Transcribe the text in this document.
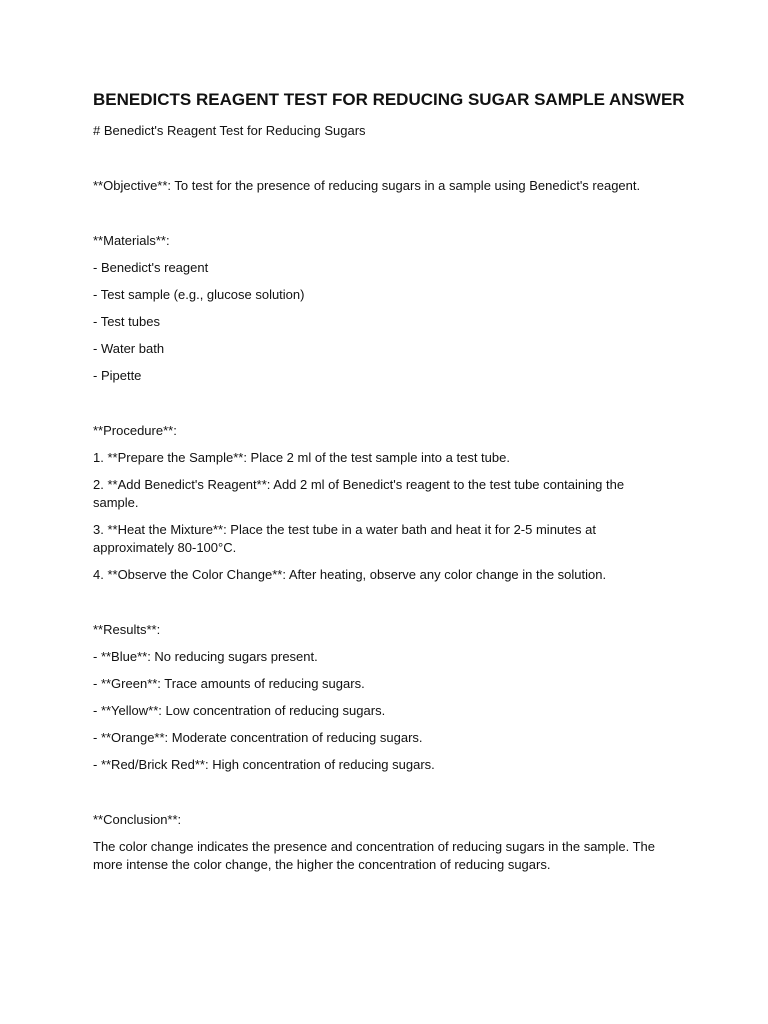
BENEDICTS REAGENT TEST FOR REDUCING SUGAR SAMPLE ANSWER

# Benedict's Reagent Test for Reducing Sugars

**Objective**: To test for the presence of reducing sugars in a sample using Benedict's reagent.

**Materials**:

- Benedict's reagent

- Test sample (e.g., glucose solution)

- Test tubes

- Water bath

- Pipette

**Procedure**:

1. **Prepare the Sample**: Place 2 ml of the test sample into a test tube.

2. **Add Benedict's Reagent**: Add 2 ml of Benedict's reagent to the test tube containing the sample.

3. **Heat the Mixture**: Place the test tube in a water bath and heat it for 2-5 minutes at approximately 80-100°C.

4. **Observe the Color Change**: After heating, observe any color change in the solution.

**Results**:

- **Blue**: No reducing sugars present.

- **Green**: Trace amounts of reducing sugars.

- **Yellow**: Low concentration of reducing sugars.

- **Orange**: Moderate concentration of reducing sugars.

- **Red/Brick Red**: High concentration of reducing sugars.

**Conclusion**:

The color change indicates the presence and concentration of reducing sugars in the sample. The more intense the color change, the higher the concentration of reducing sugars.
